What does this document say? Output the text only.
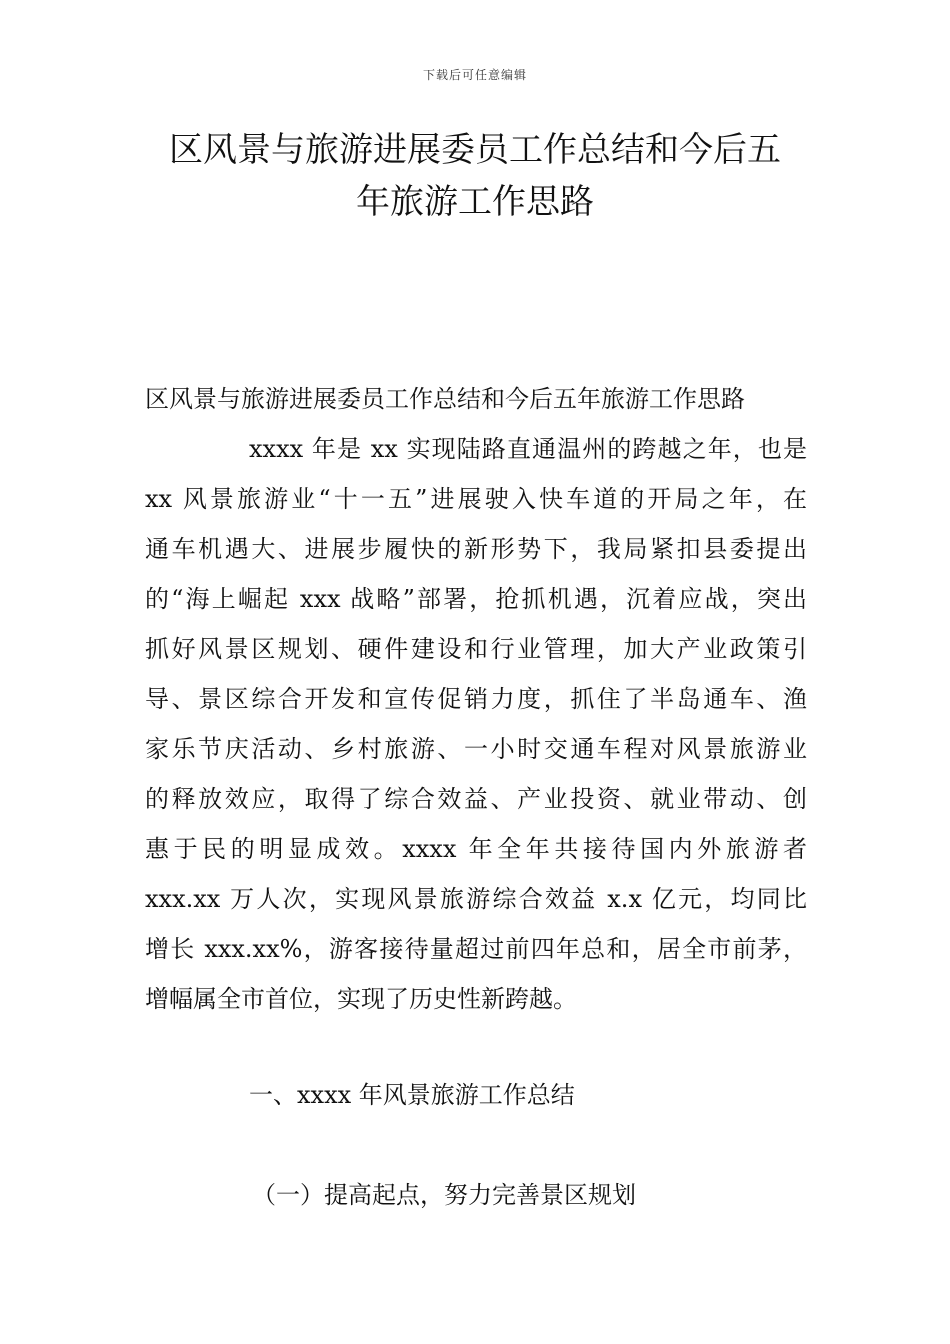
下载后可任意编辑
区风景与旅游进展委员工作总结和今后五
年旅游工作思路
区风景与旅游进展委员工作总结和今后五年旅游工作思路
xxxx 年是 xx 实现陆路直通温州的跨越之年，也是
xx 风景旅游业“十一五”进展驶入快车道的开局之年，在
通车机遇大、进展步履快的新形势下，我局紧扣县委提出
的“海上崛起 xxx 战略”部署，抢抓机遇，沉着应战，突出
抓好风景区规划、硬件建设和行业管理，加大产业政策引
导、景区综合开发和宣传促销力度，抓住了半岛通车、渔
家乐节庆活动、乡村旅游、一小时交通车程对风景旅游业
的释放效应，取得了综合效益、产业投资、就业带动、创
惠于民的明显成效。xxxx 年全年共接待国内外旅游者
xxx.xx 万人次，实现风景旅游综合效益 x.x 亿元，均同比
增长 xxx.xx%，游客接待量超过前四年总和，居全市前茅，
增幅属全市首位，实现了历史性新跨越。
一、xxxx 年风景旅游工作总结
（一）提高起点，努力完善景区规划
